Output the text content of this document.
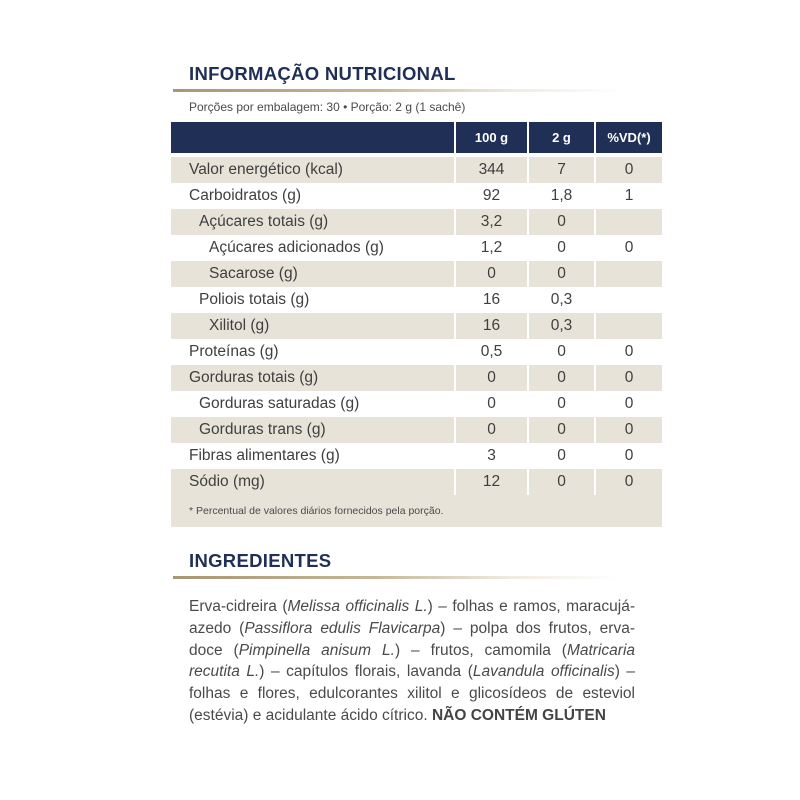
INFORMAÇÃO NUTRICIONAL
Porções por embalagem: 30 • Porção: 2 g (1 sachê)
100 g	2 g	%VD(*)
Valor energético (kcal)	344	7	0
Carboidratos (g)	92	1,8	1
Açúcares totais (g)	3,2	0
Açúcares adicionados (g)	1,2	0	0
Sacarose (g)	0	0
Poliois totais (g)	16	0,3
Xilitol (g)	16	0,3
Proteínas (g)	0,5	0	0
Gorduras totais (g)	0	0	0
Gorduras saturadas (g)	0	0	0
Gorduras trans (g)	0	0	0
Fibras alimentares (g)	3	0	0
Sódio (mg)	12	0	0
* Percentual de valores diários fornecidos pela porção.
INGREDIENTES

Erva-cidreira (Melissa officinalis L.) – folhas e ramos, maracujá-azedo (Passiflora edulis Flavicarpa) – polpa dos frutos, erva-doce (Pimpinella anisum L.) – frutos, camomila (Matricaria recutita L.) – capítulos florais, lavanda (Lavandula officinalis) – folhas e flores, edulcorantes xilitol e glicosídeos de esteviol (estévia) e acidulante ácido cítrico. NÃO CONTÉM GLÚTEN
